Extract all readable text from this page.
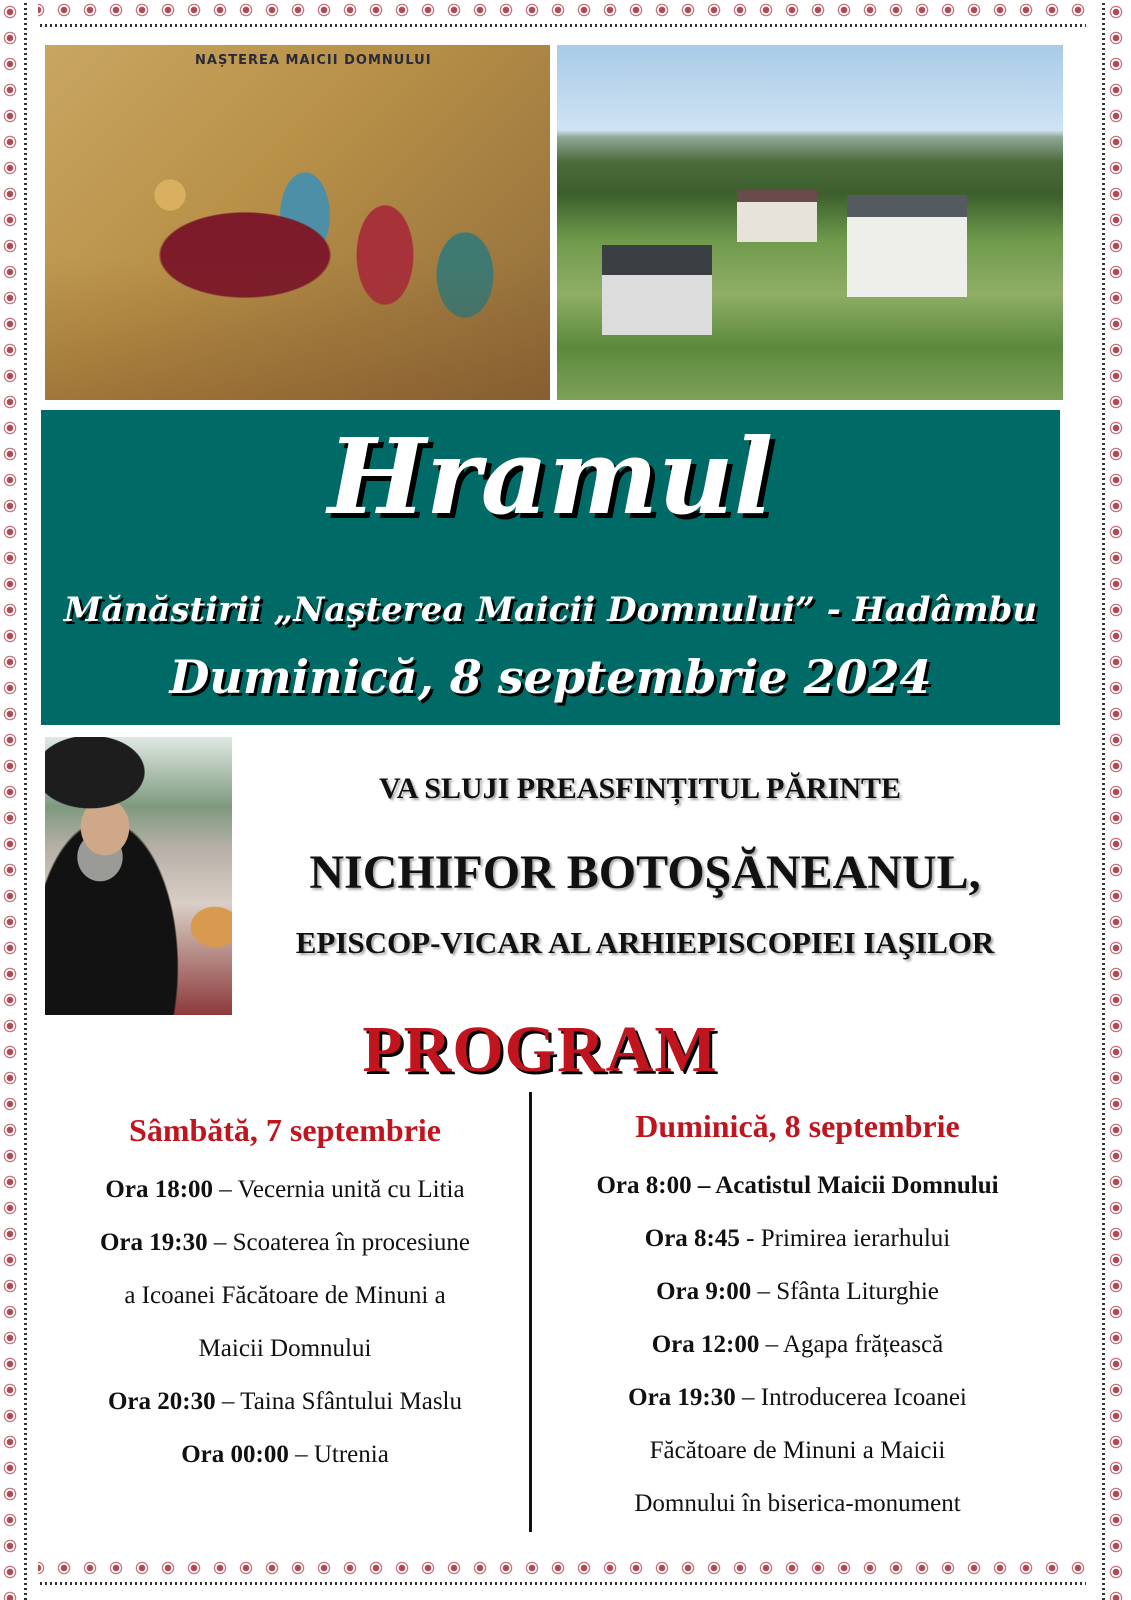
NAȘTEREA MAICII DOMNULUI
Hramul
Mănăstirii „Naşterea Maicii Domnului” - Hadâmbu
Duminică, 8 septembrie 2024
VA SLUJI PREASFINȚITUL PĂRINTE
NICHIFOR BOTOŞĂNEANUL,
EPISCOP-VICAR AL ARHIEPISCOPIEI IAŞILOR
PROGRAM
Sâmbătă, 7 septembrie
Ora 18:00 – Vecernia unită cu Litia
Ora 19:30 – Scoaterea în procesiune
a Icoanei Făcătoare de Minuni a
Maicii Domnului
Ora 20:30 – Taina Sfântului Maslu
Ora 00:00 – Utrenia
Duminică, 8 septembrie
Ora 8:00 – Acatistul Maicii Domnului
Ora 8:45 - Primirea ierarhului
Ora 9:00 – Sfânta Liturghie
Ora 12:00 – Agapa frățească
Ora 19:30 – Introducerea Icoanei
Făcătoare de Minuni a Maicii
Domnului în biserica-monument
